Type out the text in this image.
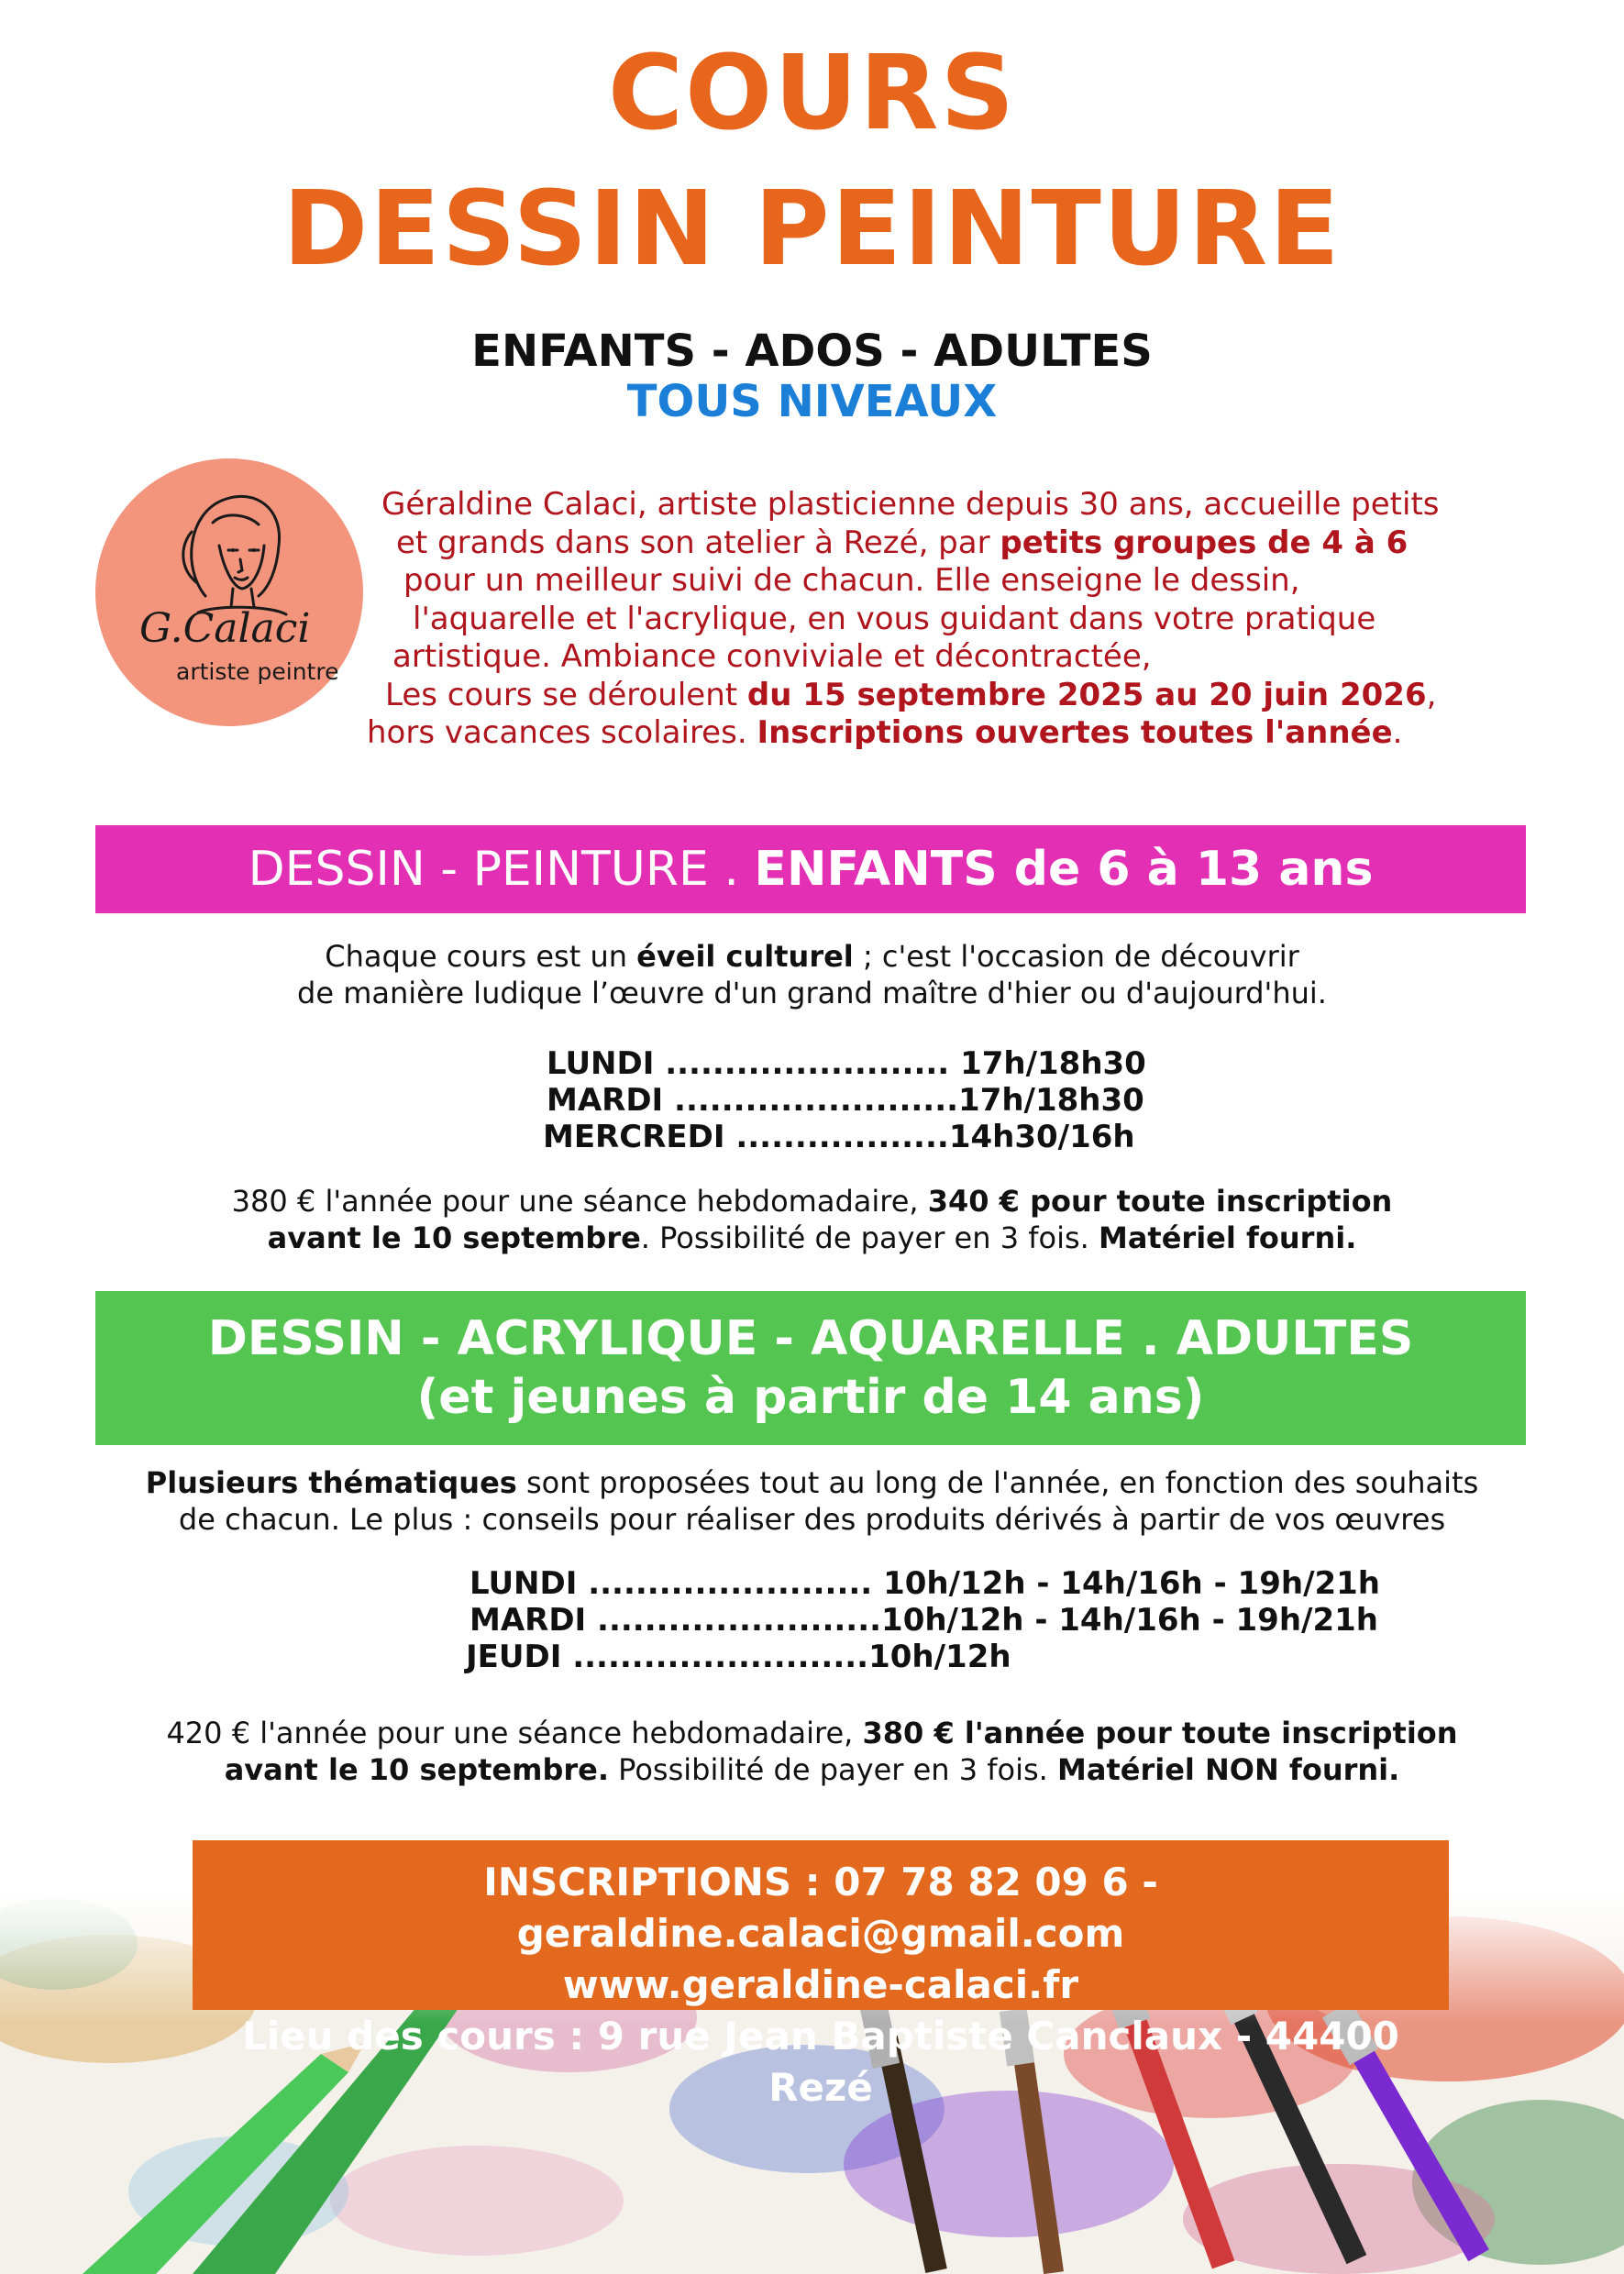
COURS
DESSIN PEINTURE
ENFANTS - ADOS - ADULTES
TOUS NIVEAUX
G.Calaci
artiste peintre
Géraldine Calaci, artiste plasticienne depuis 30 ans, accueille petits
et grands dans son atelier à Rezé, par petits groupes de 4 à 6
pour un meilleur suivi de chacun. Elle enseigne le dessin,
l'aquarelle et l'acrylique, en vous guidant dans votre pratique
artistique. Ambiance conviviale et décontractée,
Les cours se déroulent du 15 septembre 2025 au 20 juin 2026,
hors vacances scolaires. Inscriptions ouvertes toutes l'année.
DESSIN - PEINTURE . ENFANTS de 6 à 13 ans
Chaque cours est un éveil culturel ; c'est l'occasion de découvrir
de manière ludique l’œuvre d'un grand maître d'hier ou d'aujourd'hui.
LUNDI ........................ 17h/18h30
MARDI ........................17h/18h30
MERCREDI ..................14h30/16h
380 € l'année pour une séance hebdomadaire, 340 € pour toute inscription
avant le 10 septembre. Possibilité de payer en 3 fois. Matériel fourni.
DESSIN - ACRYLIQUE - AQUARELLE . ADULTES
(et jeunes à partir de 14 ans)
Plusieurs thématiques sont proposées tout au long de l'année, en fonction des souhaits
de chacun. Le plus : conseils pour réaliser des produits dérivés à partir de vos œuvres
LUNDI ........................ 10h/12h - 14h/16h - 19h/21h
MARDI ........................10h/12h - 14h/16h - 19h/21h
JEUDI .........................10h/12h
420 € l'année pour une séance hebdomadaire, 380 € l'année pour toute inscription
avant le 10 septembre. Possibilité de payer en 3 fois. Matériel NON fourni.
INSCRIPTIONS : 07 78 82 09 6 - geraldine.calaci@gmail.com
www.geraldine-calaci.fr
Lieu des cours : 9 rue Jean Baptiste Canclaux - 44400 Rezé
